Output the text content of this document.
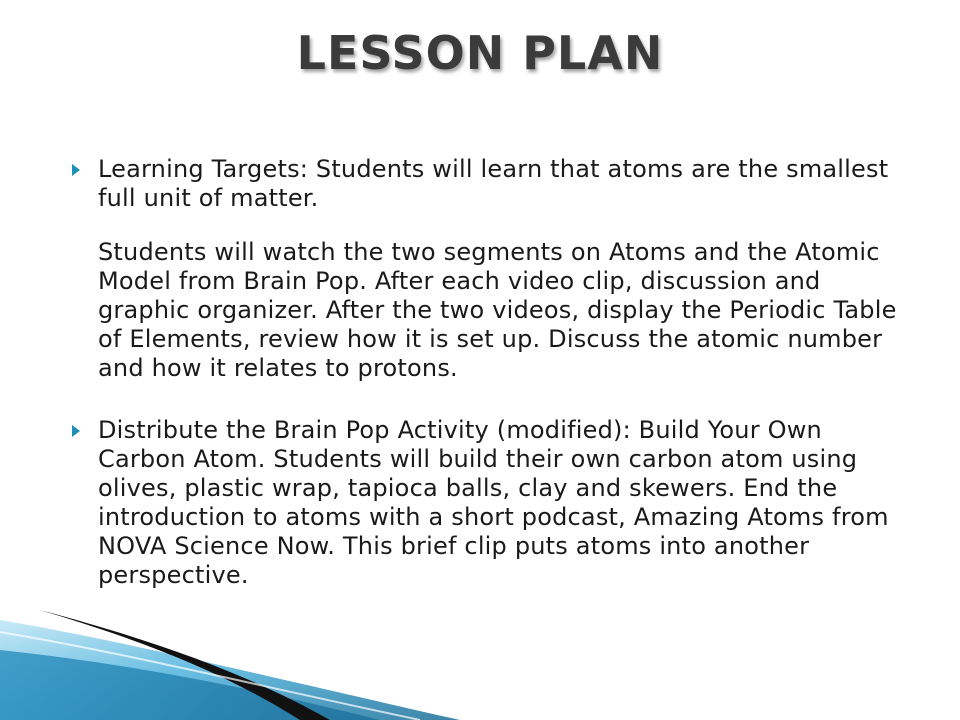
LESSON PLAN
Learning Targets: Students will learn that atoms are the smallest full unit of matter.
Students will watch the two segments on Atoms and the Atomic Model from Brain Pop. After each video clip, discussion and graphic organizer. After the two videos, display the Periodic Table of Elements, review how it is set up. Discuss the atomic number and how it relates to protons.
Distribute the Brain Pop Activity (modified): Build Your Own Carbon Atom. Students will build their own carbon atom using olives, plastic wrap, tapioca balls, clay and skewers. End the introduction to atoms with a short podcast, Amazing Atoms from NOVA Science Now. This brief clip puts atoms into another perspective.
